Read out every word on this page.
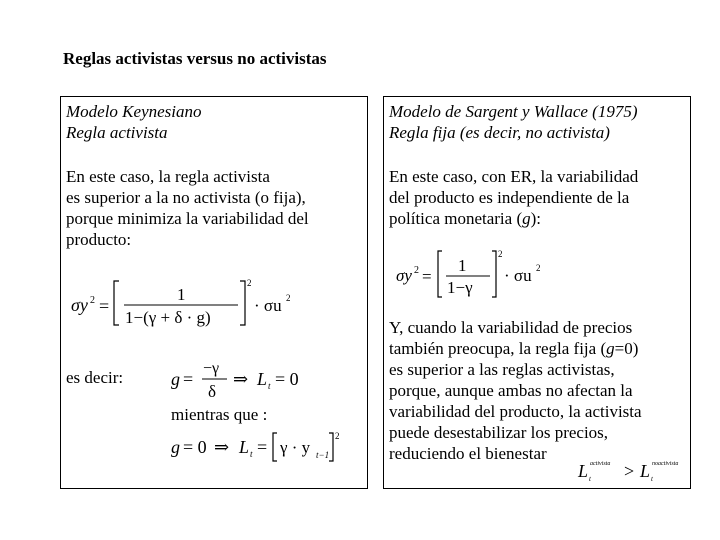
Reglas activistas versus no activistas
Modelo Keynesiano
Regla activista
En este caso, la regla activista
es superior a la no activista (o fija),
porque minimiza la variabilidad del
producto:
σy 2 =
1
1−(γ + δ · g)
2
· σu 2
es decir:	g =
−γ
δ
⇒ L t = 0
mientras que :
g = 0 ⇒ L t = γ · y t−1
2
Modelo de Sargent y Wallace (1975)
Regla fija (es decir, no activista)
En este caso, con ER, la variabilidad
del producto es independiente de la
política monetaria (g):
σy 2 =
1
1−γ
2
· σu 2
Y, cuando la variabilidad de precios
también preocupa, la regla fija (g=0)
es superior a las reglas activistas,
porque, aunque ambas no afectan la
variabilidad del producto, la activista
puede desestabilizar los precios,
reduciendo el bienestar
L t
activista > L t
noactivista
